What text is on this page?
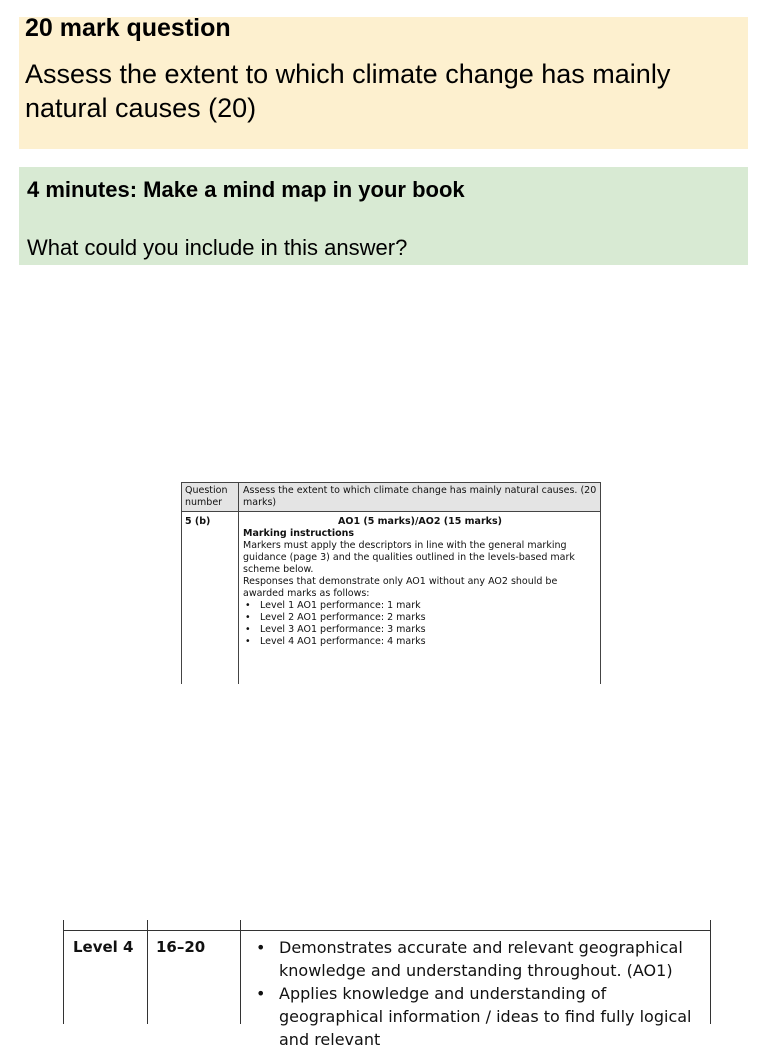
20 mark question
Assess the extent to which climate change has mainly natural causes (20)
4 minutes: Make a mind map in your book
What could you include in this answer?
Question number
Assess the extent to which climate change has mainly natural causes. (20 marks)
5 (b)	AO1 (5 marks)/AO2 (15 marks)
Marking instructions
Markers must apply the descriptors in line with the general marking guidance (page 3) and the qualities outlined in the levels-based mark scheme below.
Responses that demonstrate only AO1 without any AO2 should be awarded marks as follows:
• Level 1 AO1 performance: 1 mark
• Level 2 AO1 performance: 2 marks
• Level 3 AO1 performance: 3 marks
• Level 4 AO1 performance: 4 marks
Level 4 16–20
•	Demonstrates accurate and relevant geographical knowledge and understanding throughout. (AO1)
• Applies knowledge and understanding of geographical information / ideas to find fully logical and relevant
